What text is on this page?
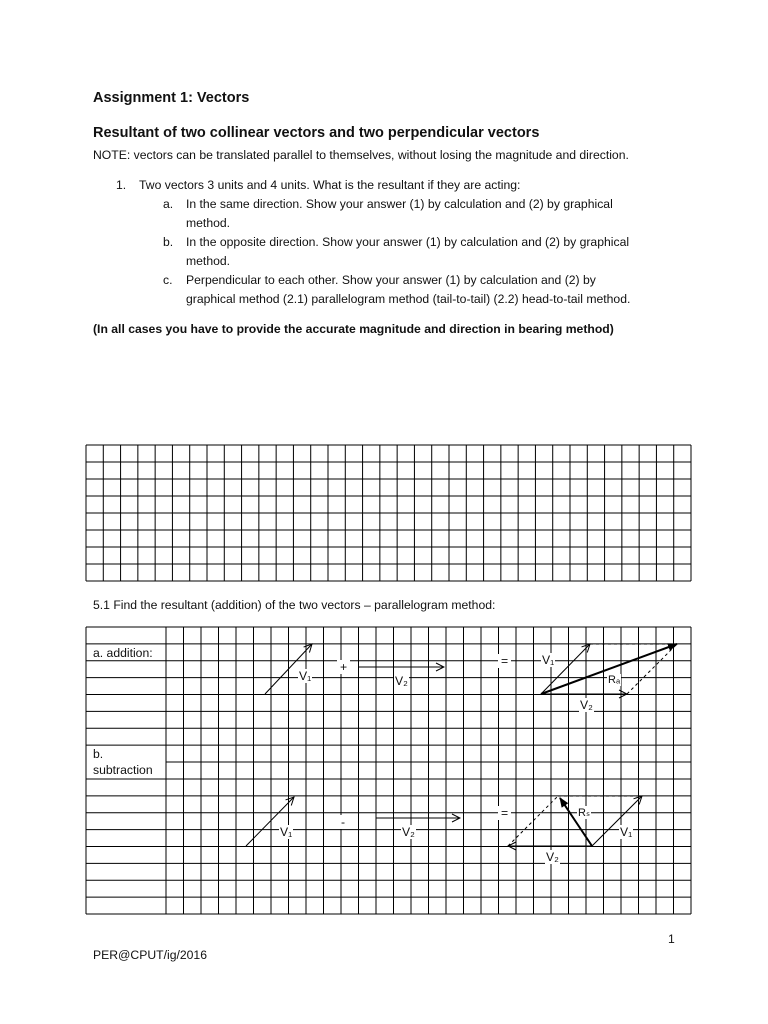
Assignment 1: Vectors
Resultant of two collinear vectors and two perpendicular vectors
NOTE: vectors can be translated parallel to themselves, without losing the magnitude and direction.
1. Two vectors 3 units and 4 units. What is the resultant if they are acting:
a. In the same direction. Show your answer (1) by calculation and (2) by graphical
method.
b. In the opposite direction. Show your answer (1) by calculation and (2) by graphical
method.
c. Perpendicular to each other. Show your answer (1) by calculation and (2) by
graphical method (2.1) parallelogram method (tail-to-tail) (2.2) head-to-tail method.
(In all cases you have to provide the accurate magnitude and direction in bearing method)
5.1 Find the resultant (addition) of the two vectors – parallelogram method:
a. addition:
b.
subtraction
V₁
+
V₂
=	V₁
Rₐ
V₂
V₁
-
V₂
=	Rₛ
V₁
V₂
1
PER@CPUT/ig/2016
